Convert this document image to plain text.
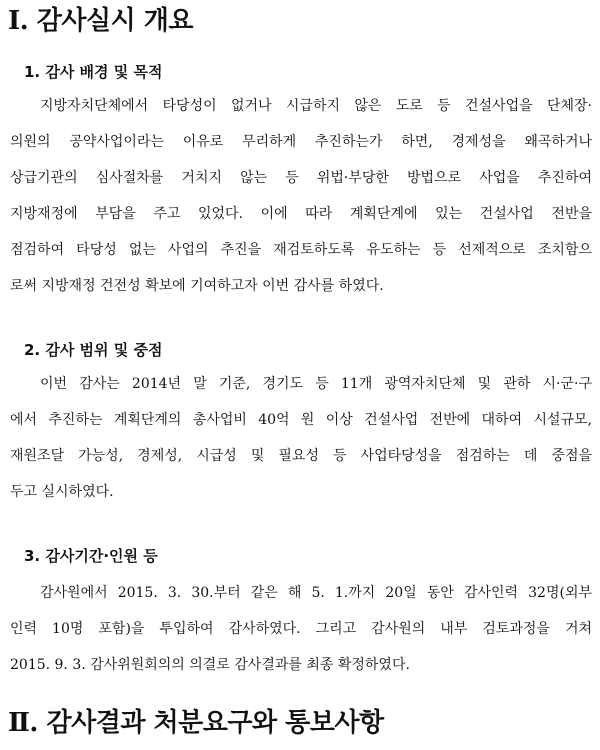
Ⅰ. 감사실시 개요
1. 감사 배경 및 목적
지방자치단체에서 타당성이 없거나 시급하지 않은 도로 등 건설사업을 단체장·
의원의 공약사업이라는 이유로 무리하게 추진하는가 하면, 경제성을 왜곡하거나
상급기관의 심사절차를 거치지 않는 등 위법·부당한 방법으로 사업을 추진하여
지방재정에 부담을 주고 있었다. 이에 따라 계획단계에 있는 건설사업 전반을
점검하여 타당성 없는 사업의 추진을 재검토하도록 유도하는 등 선제적으로 조치함으
로써 지방재정 건전성 확보에 기여하고자 이번 감사를 하였다.
2. 감사 범위 및 중점
이번 감사는 2014년 말 기준, 경기도 등 11개 광역자치단체 및 관하 시·군·구
에서 추진하는 계획단계의 총사업비 40억 원 이상 건설사업 전반에 대하여 시설규모,
재원조달 가능성, 경제성, 시급성 및 필요성 등 사업타당성을 점검하는 데 중점을
두고 실시하였다.
3. 감사기간·인원 등
감사원에서 2015. 3. 30.부터 같은 해 5. 1.까지 20일 동안 감사인력 32명(외부
인력 10명 포함)을 투입하여 감사하였다. 그리고 감사원의 내부 검토과정을 거쳐
2015. 9. 3. 감사위원회의의 의결로 감사결과를 최종 확정하였다.
Ⅱ. 감사결과 처분요구와 통보사항
